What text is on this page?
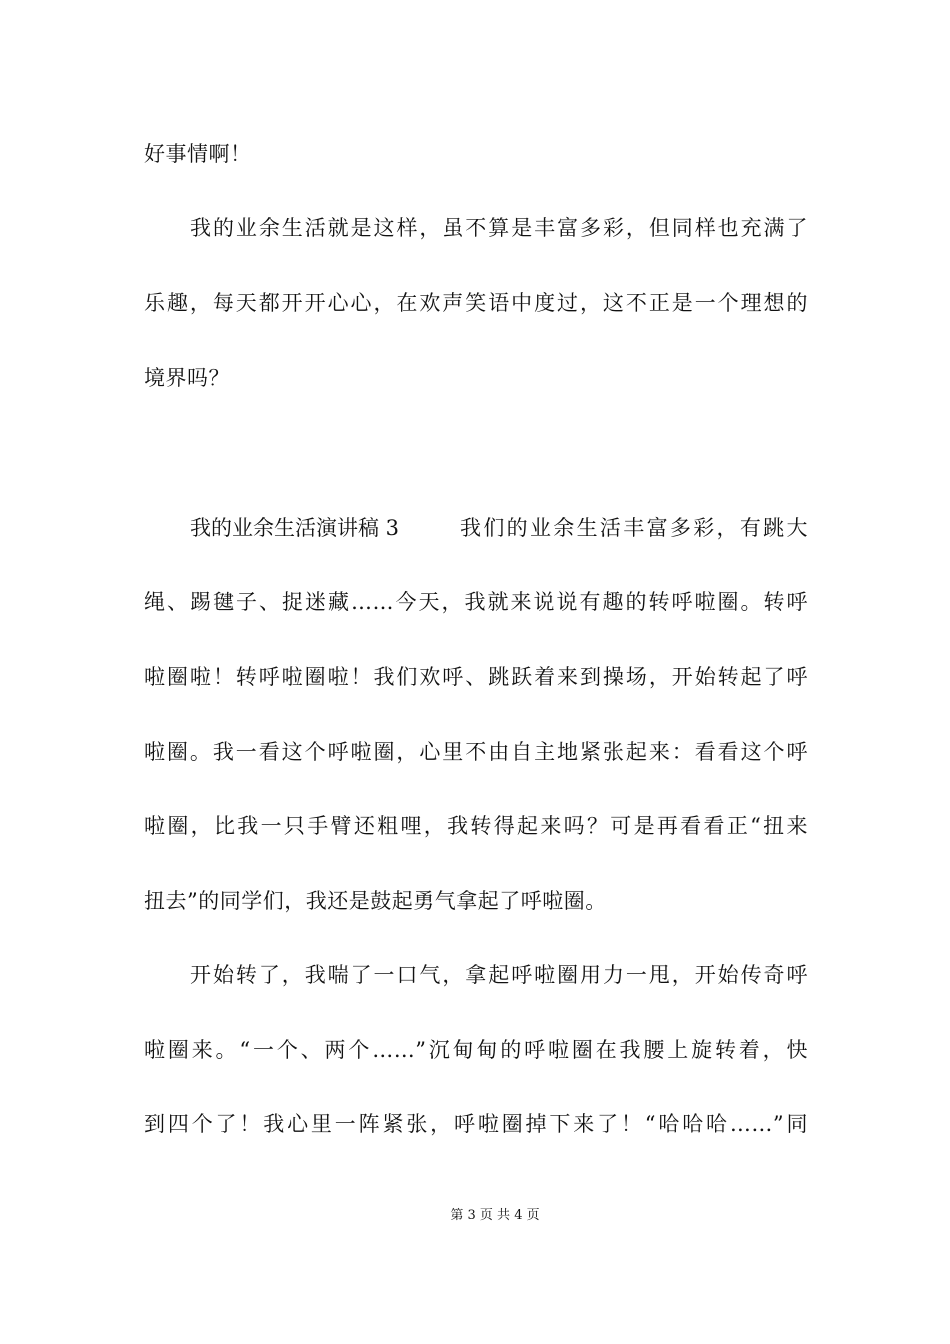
好事情啊！
我的业余生活就是这样，虽不算是丰富多彩，但同样也充满了
乐趣，每天都开开心心，在欢声笑语中度过，这不正是一个理想的
境界吗？
我的业余生活演讲稿 3	我们的业余生活丰富多彩，有跳大
绳、踢毽子、捉迷藏……今天，我就来说说有趣的转呼啦圈。转呼
啦圈啦！转呼啦圈啦！我们欢呼、跳跃着来到操场，开始转起了呼
啦圈。我一看这个呼啦圈，心里不由自主地紧张起来：看看这个呼
啦圈，比我一只手臂还粗哩，我转得起来吗？可是再看看正“扭来
扭去”的同学们，我还是鼓起勇气拿起了呼啦圈。
开始转了，我喘了一口气，拿起呼啦圈用力一甩，开始传奇呼
啦圈来。“一个、两个……”沉甸甸的呼啦圈在我腰上旋转着，快
到四个了！我心里一阵紧张，呼啦圈掉下来了！“哈哈哈……”同
第 3 页 共 4 页
